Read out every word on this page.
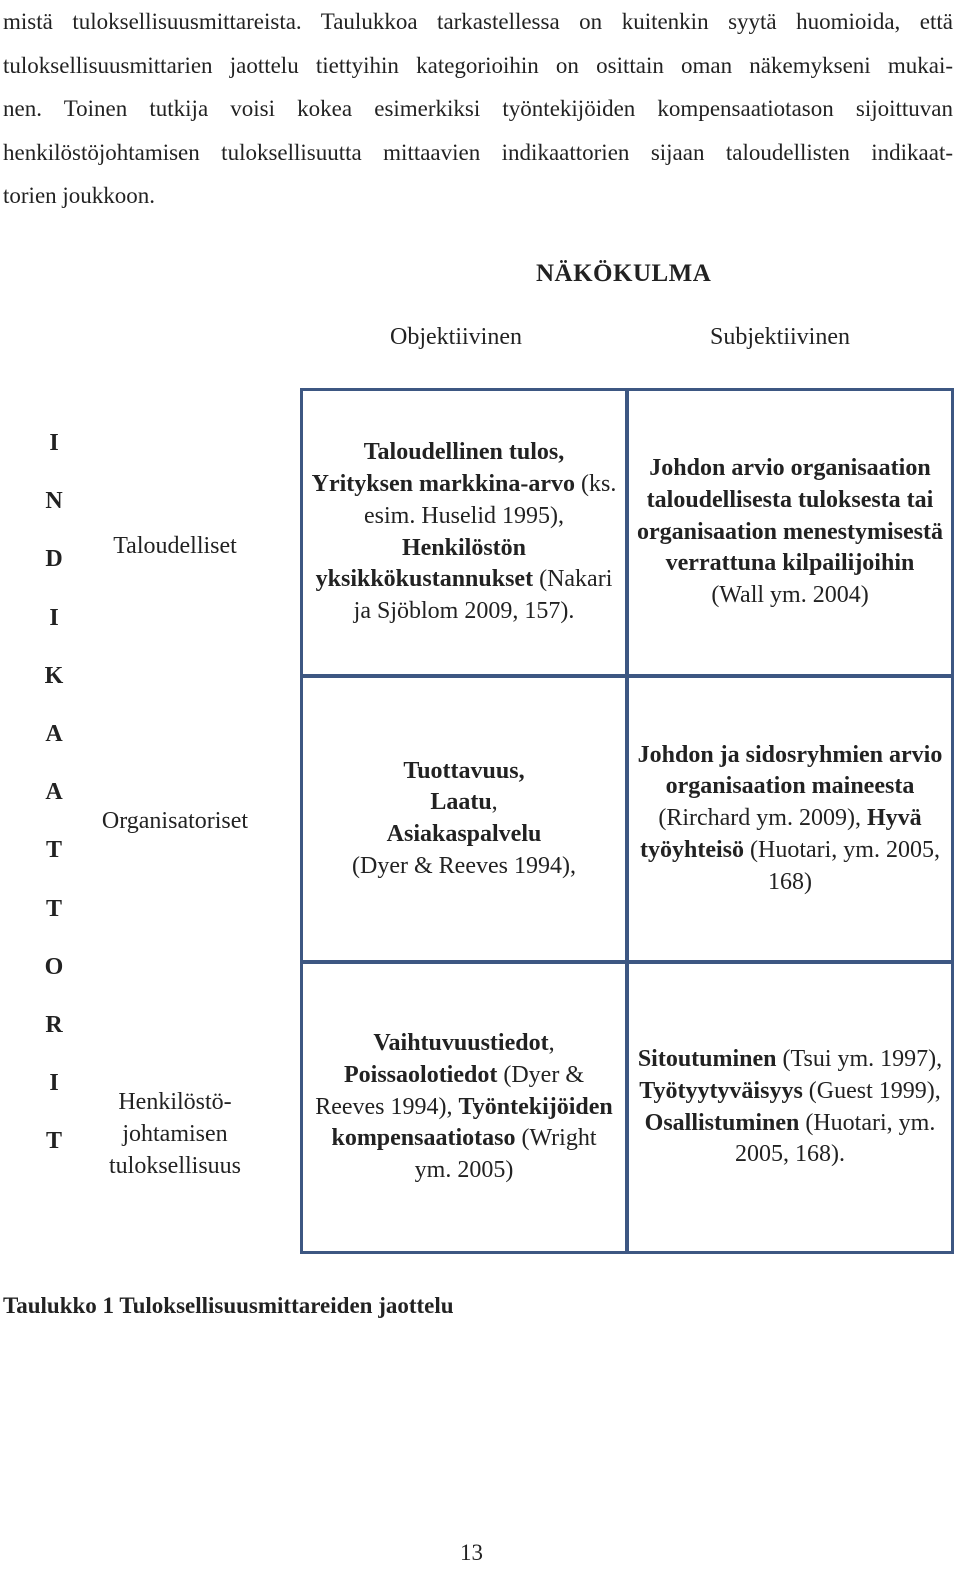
mistä tuloksellisuusmittareista. Taulukkoa tarkastellessa on kuitenkin syytä huomioida, että
tuloksellisuusmittarien jaottelu tiettyihin kategorioihin on osittain oman näkemykseni mukai-
nen. Toinen tutkija voisi kokea esimerkiksi työntekijöiden kompensaatiotason sijoittuvan
henkilöstöjohtamisen tuloksellisuutta mittaavien indikaattorien sijaan taloudellisten indikaat-
torien joukkoon.
NÄKÖKULMA
Objektiivinen	Subjektiivinen
I
N
D
I
K
A
A
T
T
O
R
I
T
Taloudelliset
Organisatoriset
Henkilöstö-
johtamisen
tuloksellisuus
Taloudellinen tulos, Yrityksen markkina-arvo (ks. esim. Huselid 1995), Henkilöstön yksikkökustannukset (Nakari ja Sjöblom 2009, 157).
Johdon arvio organisaation taloudellisesta tuloksesta tai organisaation menestymisestä verrattuna kilpailijoihin (Wall ym. 2004)
Tuottavuus,
Laatu,
Asiakaspalvelu
(Dyer & Reeves 1994),
Johdon ja sidosryhmien arvio organisaation maineesta (Rirchard ym. 2009), Hyvä työyhteisö (Huotari, ym. 2005, 168)
Vaihtuvuustiedot, Poissaolotiedot (Dyer & Reeves 1994), Työntekijöiden kompensaatiotaso (Wright ym. 2005)
Sitoutuminen (Tsui ym. 1997), Työtyytyväisyys (Guest 1999), Osallistuminen (Huotari, ym. 2005, 168).
Taulukko 1 Tuloksellisuusmittareiden jaottelu
13
